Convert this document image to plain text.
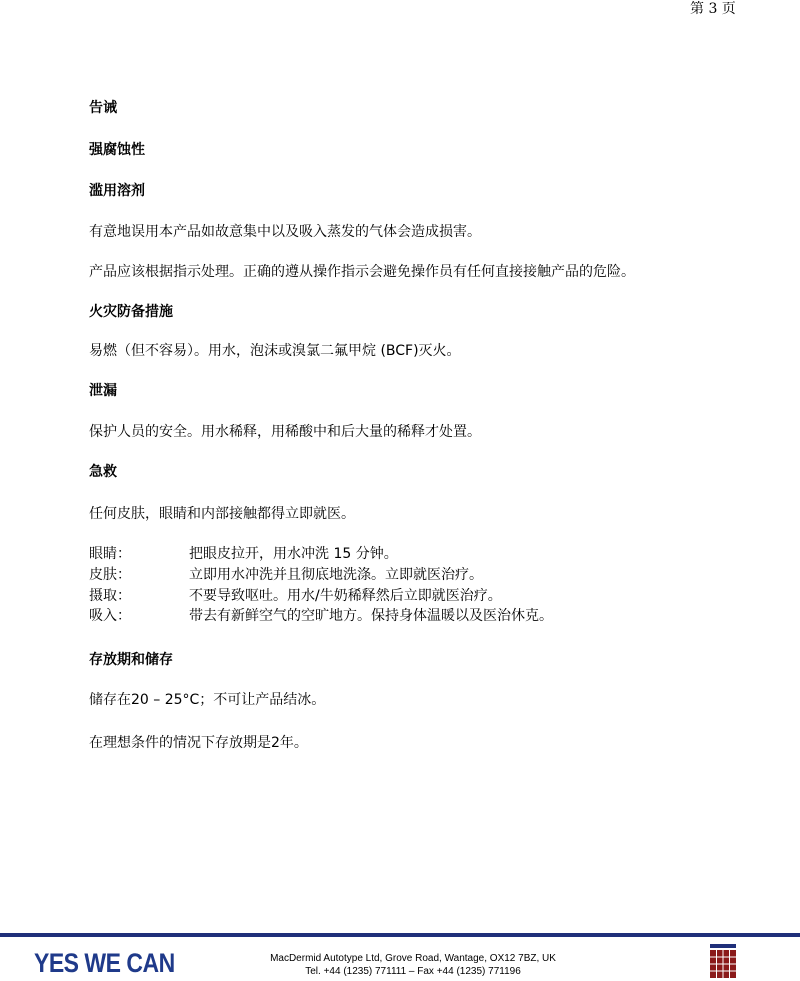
第 3 页
告诫
强腐蚀性
滥用溶剂
有意地误用本产品如故意集中以及吸入蒸发的气体会造成损害。
产品应该根据指示处理。正确的遵从操作指示会避免操作员有任何直接接触产品的危险。
火灾防备措施
易燃（但不容易）。用水，泡沫或溴氯二氟甲烷 (BCF)灭火。
泄漏
保护人员的安全。用水稀释，用稀酸中和后大量的稀释才处置。
急救
任何皮肤，眼睛和内部接触都得立即就医。
眼睛：	把眼皮拉开，用水冲洗 15 分钟。
皮肤：	立即用水冲洗并且彻底地洗涤。立即就医治疗。
摄取：	不要导致呕吐。用水/牛奶稀释然后立即就医治疗。
吸入：	带去有新鲜空气的空旷地方。保持身体温暖以及医治休克。
存放期和储存
储存在20 – 25°C；不可让产品结冰。
在理想条件的情况下存放期是2年。
YES WE CAN	MacDermid Autotype Ltd, Grove Road, Wantage, OX12 7BZ, UK
Tel. +44 (1235) 771111 – Fax +44 (1235) 771196
